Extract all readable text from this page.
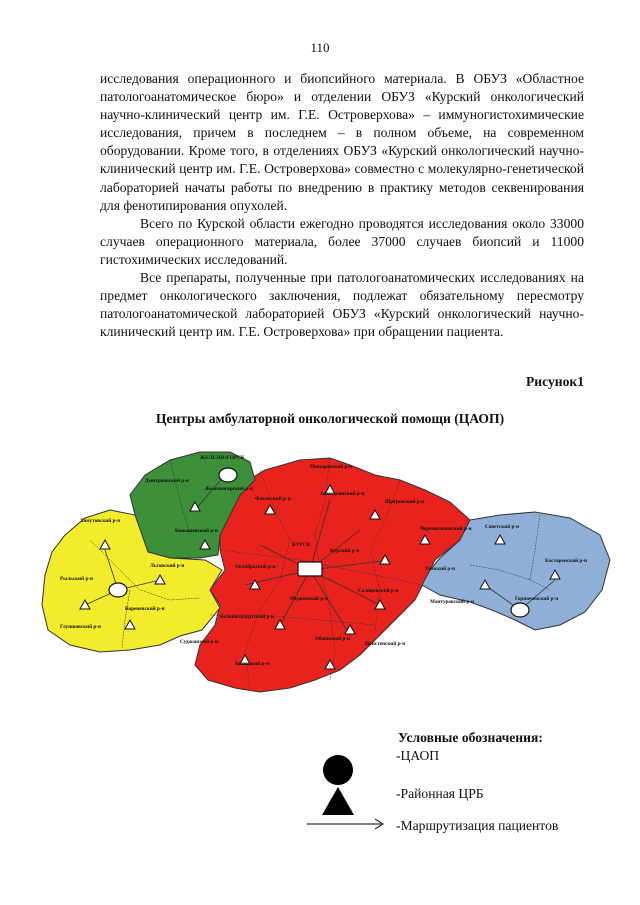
110

исследования операционного и биопсийного материала. В ОБУЗ «Областное патологоанатомическое бюро» и отделении ОБУЗ «Курский онкологический научно-клинический центр им. Г.Е. Островерхова» – иммуногистохимические исследования, причем в последнем – в полном объеме, на современном оборудовании. Кроме того, в отделениях ОБУЗ «Курский онкологический научно-клинический центр им. Г.Е. Островерхова» совместно с молекулярно-генетической лабораторией начаты работы по внедрению в практику методов секвенирования для фенотипирования опухолей.

Всего по Курской области ежегодно проводятся исследования около 33000 случаев операционного материала, более 37000 случаев биопсий и 11000 гистохимических исследований.

Все препараты, полученные при патологоанатомических исследованиях на предмет онкологического заключения, подлежат обязательному пересмотру патологоанатомической лабораторией ОБУЗ «Курский онкологический научно-клинический центр им. Г.Е. Островерхова» при обращении пациента.

Рисунок1
Центры амбулаторной онкологической помощи (ЦАОП)
ЖЕЛЕЗНОГОРСК
Дмитриевский р-н
Железногорский р-н
Конышевский р-н
Хомутовский р-н
Рыльский р-н
Глушковский р-н
Льговский р-н
Кореневский р-н
Поныровский р-н
Фатежский р-н
Золотухинский р-н
Щигровский р-н
КУРСК
Курский р-н
Черемисиновский р-н
Октябрьский р-н
Солнцевский р-н
Обоянский р-н
Медвенский р-н
Пристенский р-н
Беловский р-н
Суджанский р-н
Большесолдатский р-н
Советский р-н
Касторенский р-н
Тимский р-н
Мантуровский р-н	Горшеченский р-н
Условные обозначения:
-ЦАОП
-Районная ЦРБ
-Маршрутизация пациентов
